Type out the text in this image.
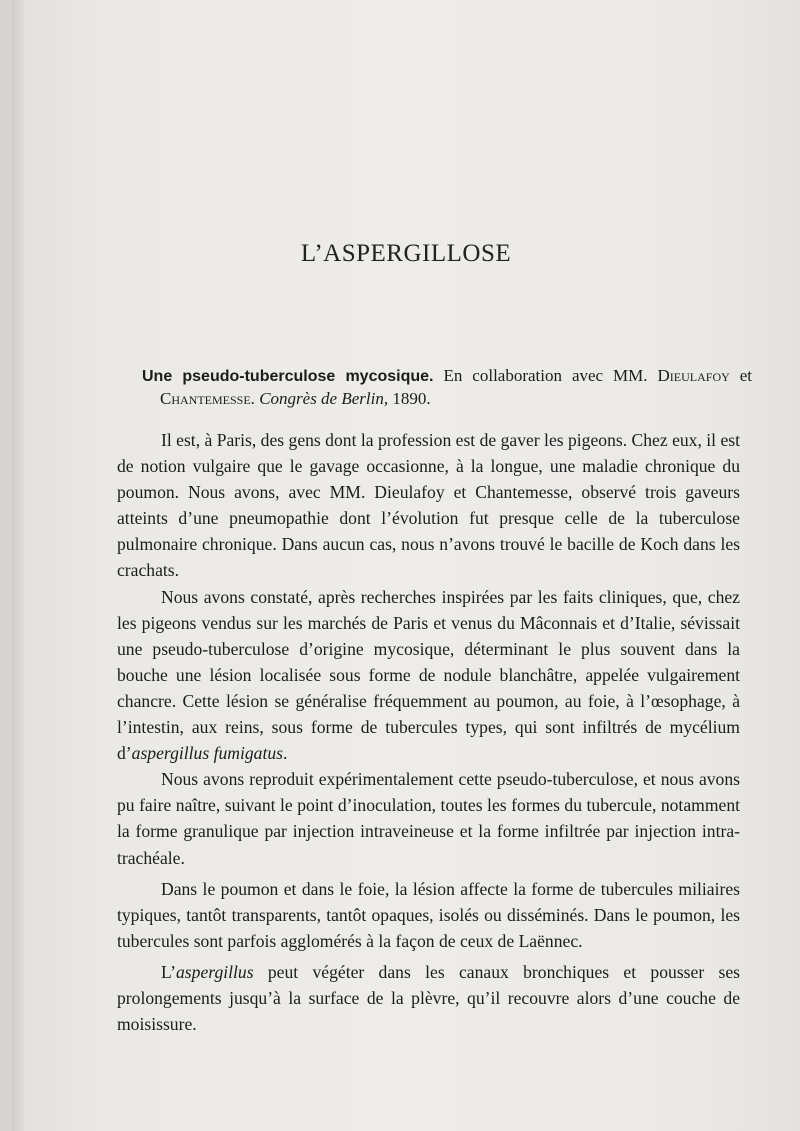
L’ASPERGILLOSE
Une pseudo-tuberculose mycosique. En collaboration avec MM. Dieulafoy et
Chantemesse. Congrès de Berlin, 1890.

Il est, à Paris, des gens dont la profession est de gaver les pigeons. Chez eux, il est de notion vulgaire que le gavage occasionne, à la longue, une maladie chronique du poumon. Nous avons, avec MM. Dieulafoy et Chantemesse, observé trois gaveurs atteints d’une pneumopathie dont l’évolution fut presque celle de la tuberculose pulmonaire chronique. Dans aucun cas, nous n’avons trouvé le bacille de Koch dans les crachats.

Nous avons constaté, après recherches inspirées par les faits cliniques, que, chez les pigeons vendus sur les marchés de Paris et venus du Mâconnais et d’Italie, sévissait une pseudo-tuberculose d’origine mycosique, déterminant le plus souvent dans la bouche une lésion localisée sous forme de nodule blanchâtre, appelée vulgairement chancre. Cette lésion se généralise fréquemment au poumon, au foie, à l’œsophage, à l’intestin, aux reins, sous forme de tubercules types, qui sont infiltrés de mycélium d’aspergillus fumigatus.

Nous avons reproduit expérimentalement cette pseudo-tuberculose, et nous avons pu faire naître, suivant le point d’inoculation, toutes les formes du tubercule, notamment la forme granulique par injection intraveineuse et la forme infiltrée par injection intra-trachéale.

Dans le poumon et dans le foie, la lésion affecte la forme de tubercules miliaires typiques, tantôt transparents, tantôt opaques, isolés ou disséminés. Dans le poumon, les tubercules sont parfois agglomérés à la façon de ceux de Laënnec.

L’aspergillus peut végéter dans les canaux bronchiques et pousser ses prolongements jusqu’à la surface de la plèvre, qu’il recouvre alors d’une couche de moisissure.
